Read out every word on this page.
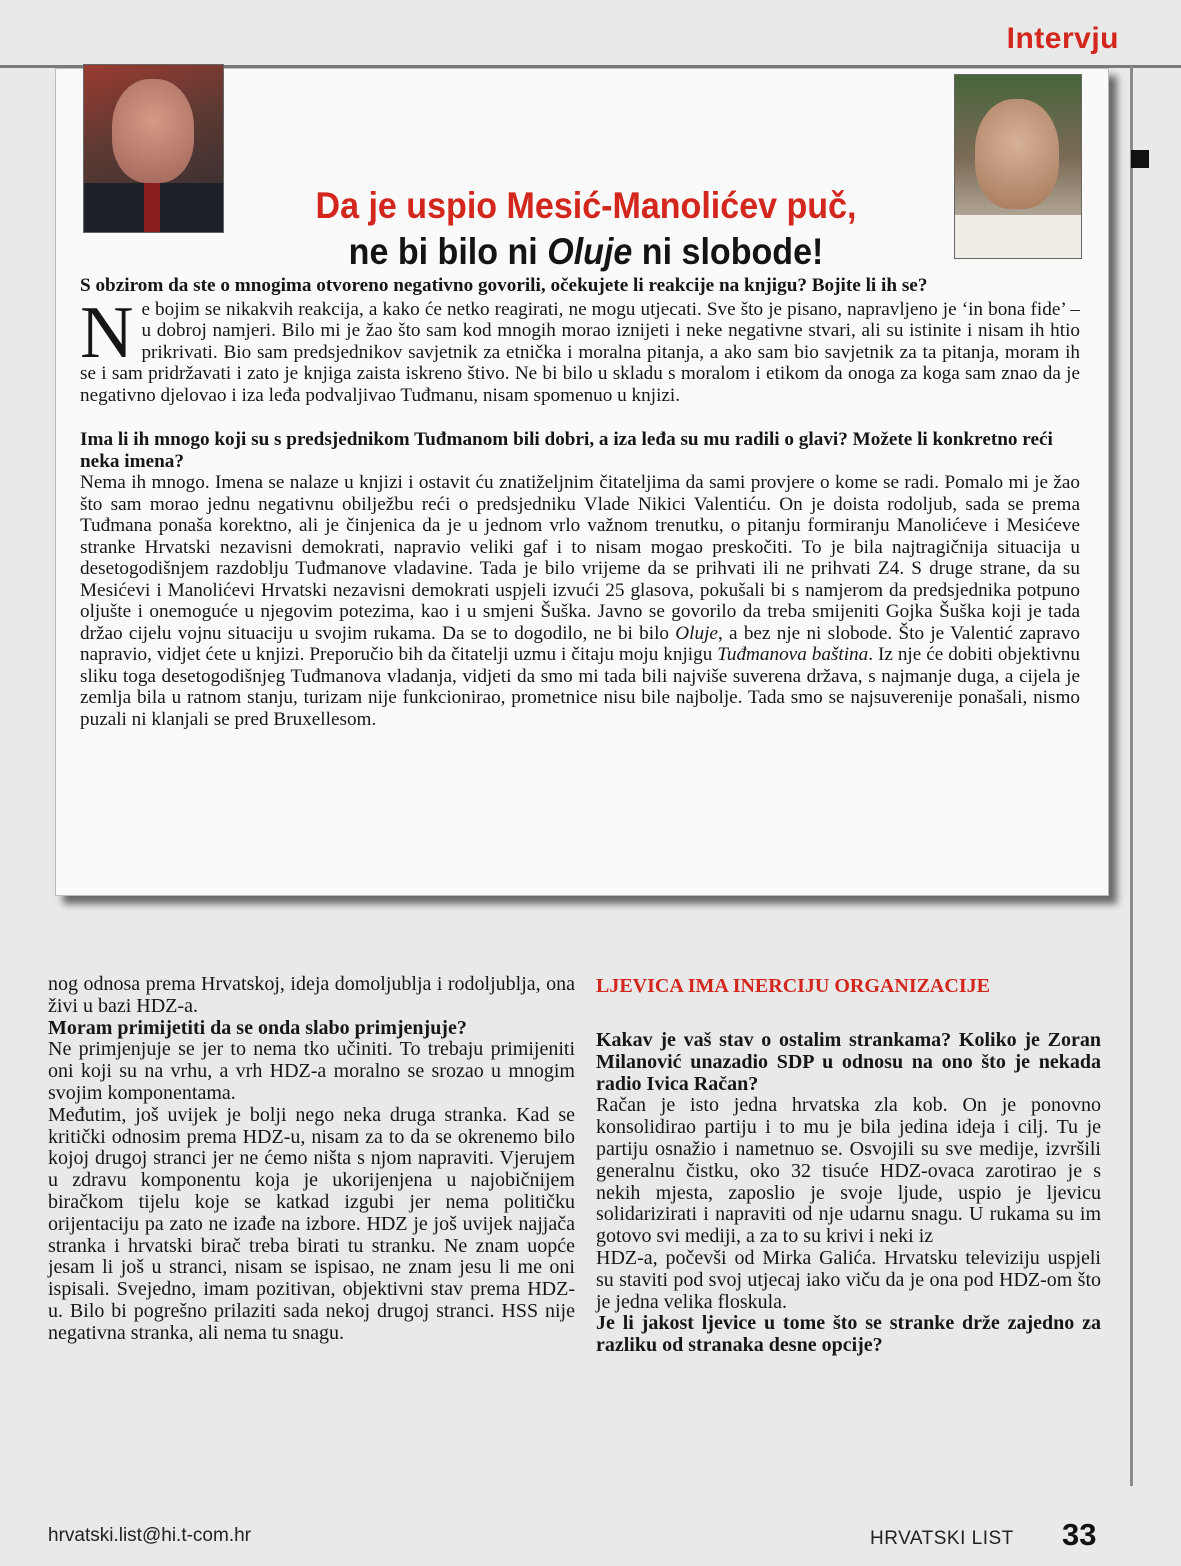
Intervju
Da je uspio Mesić-Manolićev puč,
ne bi bilo ni Oluje ni slobode!

S obzirom da ste o mnogima otvoreno negativno govorili, očekujete li reakcije na knjigu? Bojite li ih se?

Ne bojim se nikakvih reakcija, a kako će netko reagirati, ne mogu utjecati. Sve što je pisano, napravljeno je ‘in bona fide’ – u dobroj namjeri. Bilo mi je žao što sam kod mnogih morao iznijeti i neke negativne stvari, ali su istinite i nisam ih htio prikrivati. Bio sam predsjednikov savjetnik za etnička i moralna pitanja, a ako sam bio savjetnik za ta pitanja, moram ih se i sam pridržavati i zato je knjiga zaista iskreno štivo. Ne bi bilo u skladu s moralom i etikom da onoga za koga sam znao da je negativno djelovao i iza leđa podvaljivao Tuđmanu, nisam spomenuo u knjizi.

Ima li ih mnogo koji su s predsjednikom Tuđmanom bili dobri, a iza leđa su mu radili o glavi? Možete li konkretno reći neka imena?

Nema ih mnogo. Imena se nalaze u knjizi i ostavit ću znatiželjnim čitateljima da sami provjere o kome se radi. Pomalo mi je žao što sam morao jednu negativnu obilježbu reći o predsjedniku Vlade Nikici Valentiću. On je doista rodoljub, sada se prema Tuđmana ponaša korektno, ali je činjenica da je u jednom vrlo važnom trenutku, o pitanju formiranju Manolićeve i Mesićeve stranke Hrvatski nezavisni demokrati, napravio veliki gaf i to nisam mogao preskočiti. To je bila najtragičnija situacija u desetogodišnjem razdoblju Tuđmanove vladavine. Tada je bilo vrijeme da se prihvati ili ne prihvati Z4. S druge strane, da su Mesićevi i Manolićevi Hrvatski nezavisni demokrati uspjeli izvući 25 glasova, pokušali bi s namjerom da predsjednika potpuno oljušte i onemoguće u njegovim potezima, kao i u smjeni Šuška. Javno se govorilo da treba smijeniti Gojka Šuška koji je tada držao cijelu vojnu situaciju u svojim rukama. Da se to dogodilo, ne bi bilo Oluje, a bez nje ni slobode. Što je Valentić zapravo napravio, vidjet ćete u knjizi. Preporučio bih da čitatelji uzmu i čitaju moju knjigu Tuđmanova baština. Iz nje će dobiti objektivnu sliku toga desetogodišnjeg Tuđmanova vladanja, vidjeti da smo mi tada bili najviše suverena država, s najmanje duga, a cijela je zemlja bila u ratnom stanju, turizam nije funkcionirao, prometnice nisu bile najbolje. Tada smo se najsuverenije ponašali, nismo puzali ni klanjali se pred Bruxellesom.

nog odnosa prema Hrvatskoj, ideja domoljublja i rodoljublja, ona živi u bazi HDZ-a.

Moram primijetiti da se onda slabo primjenjuje?

Ne primjenjuje se jer to nema tko učiniti. To trebaju primijeniti oni koji su na vrhu, a vrh HDZ-a moralno se srozao u mnogim svojim komponentama.

Međutim, još uvijek je bolji nego neka druga stranka. Kad se kritički odnosim prema HDZ-u, nisam za to da se okrenemo bilo kojoj drugoj stranci jer ne ćemo ništa s njom napraviti. Vjerujem u zdravu komponentu koja je ukorijenjena u najobičnijem biračkom tijelu koje se katkad izgubi jer nema političku orijentaciju pa zato ne izađe na izbore. HDZ je još uvijek najjača stranka i hrvatski birač treba birati tu stranku. Ne znam uopće jesam li još u stranci, nisam se ispisao, ne znam jesu li me oni ispisali. Svejedno, imam pozitivan, objektivni stav prema HDZ-u. Bilo bi pogrešno prilaziti sada nekoj drugoj stranci. HSS nije negativna stranka, ali nema tu snagu.

LJEVICA IMA INERCIJU ORGANIZACIJE

Kakav je vaš stav o ostalim strankama? Koliko je Zoran Milanović unazadio SDP u odnosu na ono što je nekada radio Ivica Račan?

Račan je isto jedna hrvatska zla kob. On je ponovno konsolidirao partiju i to mu je bila jedina ideja i cilj. Tu je partiju osnažio i nametnuo se. Osvojili su sve medije, izvršili generalnu čistku, oko 32 tisuće HDZ-ovaca zarotirao je s nekih mjesta, zaposlio je svoje ljude, uspio je ljevicu solidarizirati i napraviti od nje udarnu snagu. U rukama su im gotovo svi mediji, a za to su krivi i neki iz

HDZ-a, počevši od Mirka Galića. Hrvatsku televiziju uspjeli su staviti pod svoj utjecaj iako viču da je ona pod HDZ-om što je jedna velika floskula.

Je li jakost ljevice u tome što se stranke drže zajedno za razliku od stranaka desne opcije?

hrvatski.list@hi.t-com.hr	HRVATSKI LIST 33
